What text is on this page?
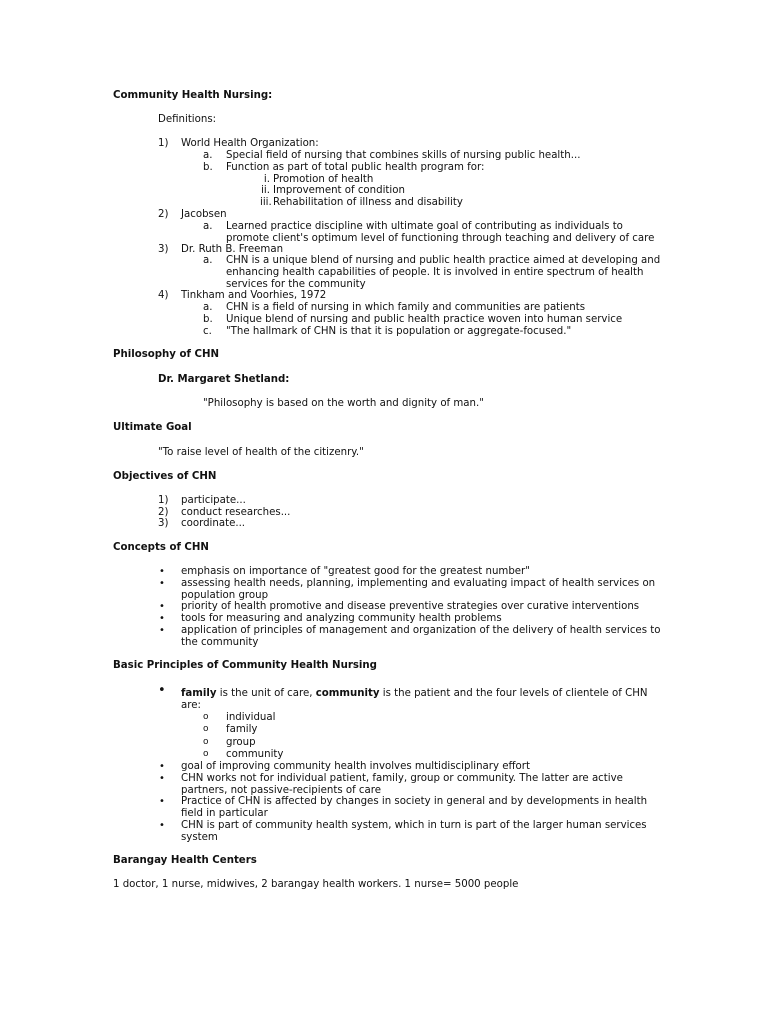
Community Health Nursing:
Definitions:
1) World Health Organization:
a. Special field of nursing that combines skills of nursing public health...
b. Function as part of total public health program for:
i. Promotion of health
ii. Improvement of condition
iii. Rehabilitation of illness and disability
2) Jacobsen
a. Learned practice discipline with ultimate goal of contributing as individuals to
promote client's optimum level of functioning through teaching and delivery of care
3) Dr. Ruth B. Freeman
a. CHN is a unique blend of nursing and public health practice aimed at developing and
enhancing health capabilities of people. It is involved in entire spectrum of health
services for the community
4) Tinkham and Voorhies, 1972
a. CHN is a field of nursing in which family and communities are patients
b. Unique blend of nursing and public health practice woven into human service
c. "The hallmark of CHN is that it is population or aggregate-focused."
Philosophy of CHN
Dr. Margaret Shetland:
"Philosophy is based on the worth and dignity of man."
Ultimate Goal
"To raise level of health of the citizenry."
Objectives of CHN
1) participate...
2) conduct researches...
3) coordinate...
Concepts of CHN
• emphasis on importance of "greatest good for the greatest number"
• assessing health needs, planning, implementing and evaluating impact of health services on
population group
• priority of health promotive and disease preventive strategies over curative interventions
• tools for measuring and analyzing community health problems
• application of principles of management and organization of the delivery of health services to
the community
Basic Principles of Community Health Nursing
• family is the unit of care, community is the patient and the four levels of clientele of CHN
are:
o individual
o family
o group
o community
• goal of improving community health involves multidisciplinary effort
• CHN works not for individual patient, family, group or community. The latter are active
partners, not passive-recipients of care
• Practice of CHN is affected by changes in society in general and by developments in health
field in particular
• CHN is part of community health system, which in turn is part of the larger human services
system
Barangay Health Centers
1 doctor, 1 nurse, midwives, 2 barangay health workers. 1 nurse= 5000 people
